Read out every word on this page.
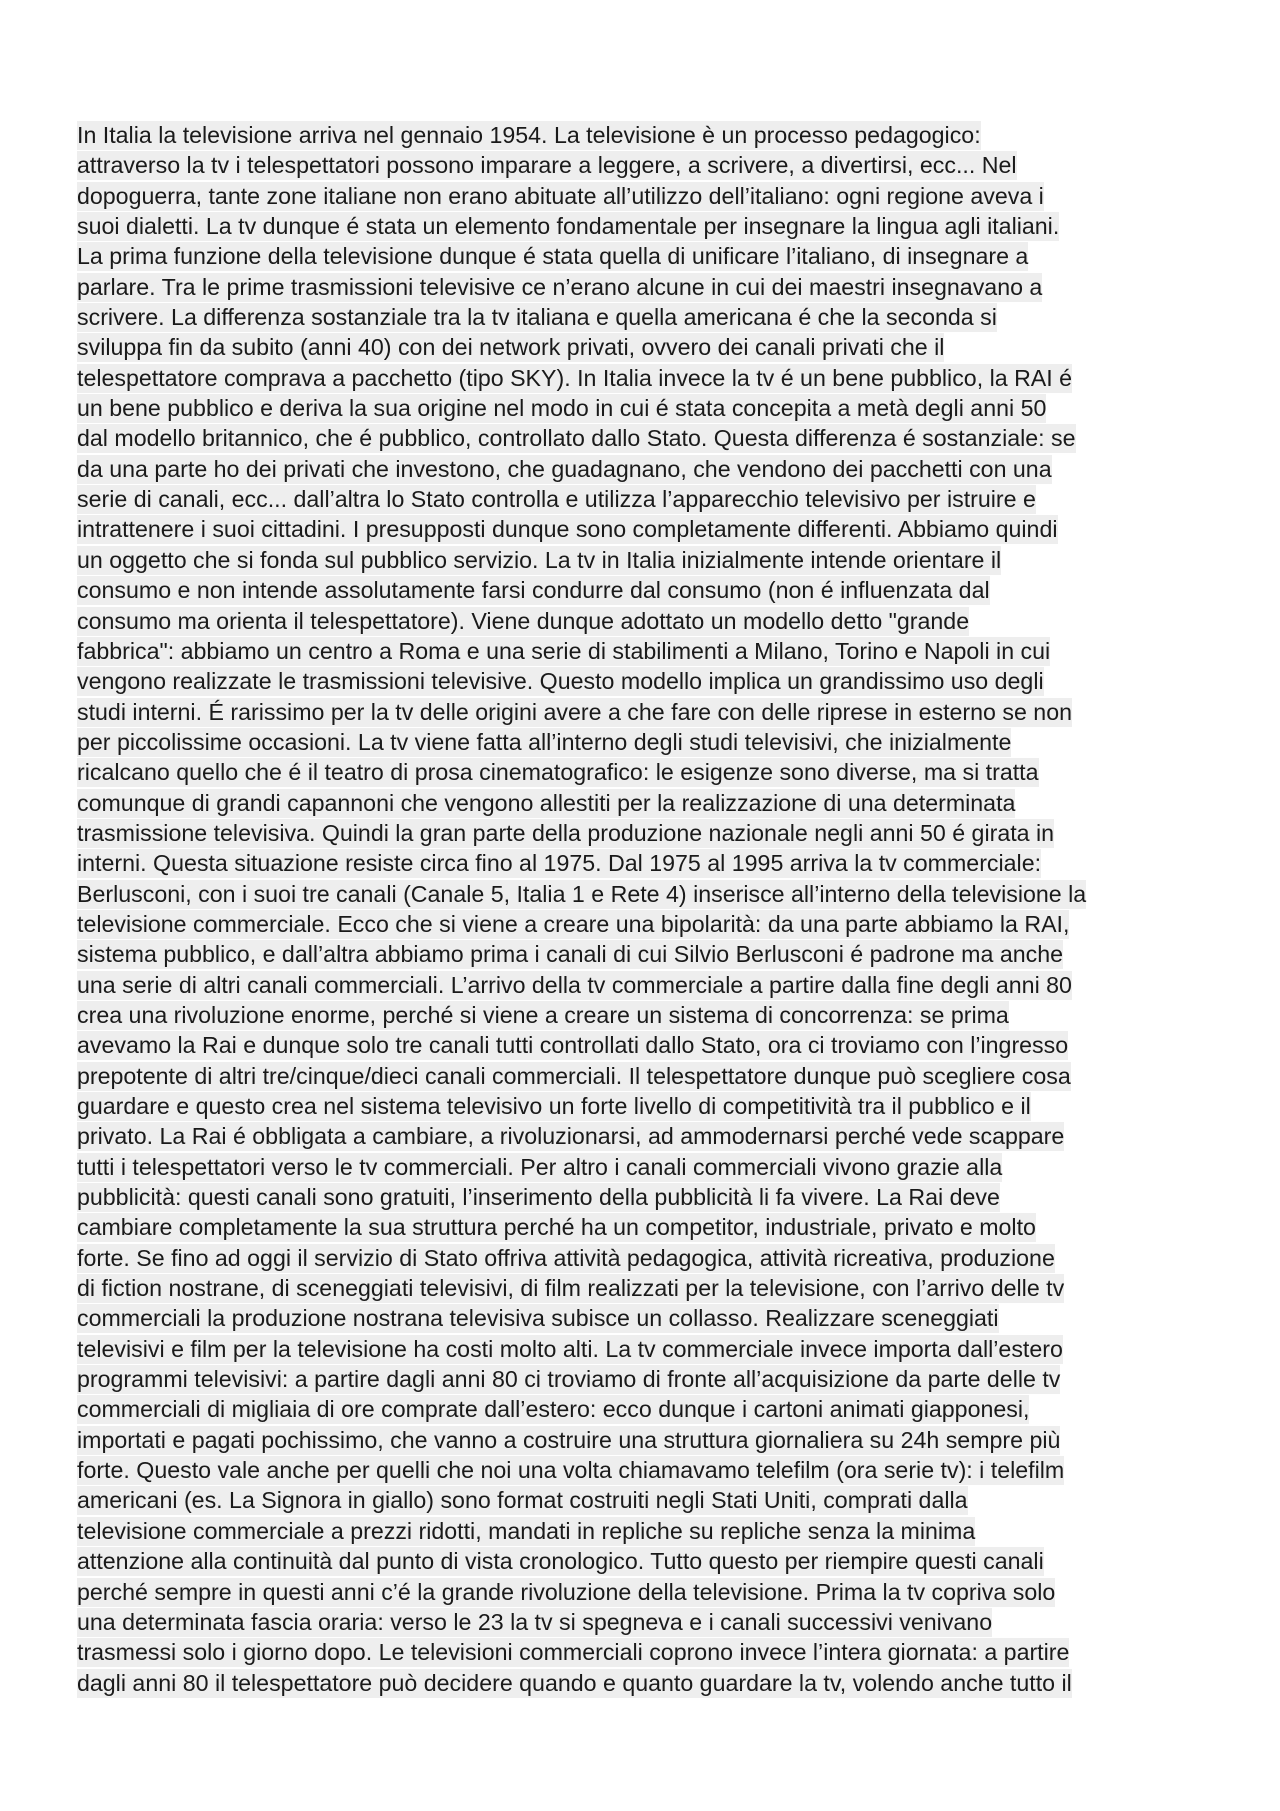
In Italia la televisione arriva nel gennaio 1954. La televisione è un processo pedagogico:
attraverso la tv i telespettatori possono imparare a leggere, a scrivere, a divertirsi, ecc... Nel
dopoguerra, tante zone italiane non erano abituate all’utilizzo dell’italiano: ogni regione aveva i
suoi dialetti. La tv dunque é stata un elemento fondamentale per insegnare la lingua agli italiani.
La prima funzione della televisione dunque é stata quella di unificare l’italiano, di insegnare a
parlare. Tra le prime trasmissioni televisive ce n’erano alcune in cui dei maestri insegnavano a
scrivere. La differenza sostanziale tra la tv italiana e quella americana é che la seconda si
sviluppa fin da subito (anni 40) con dei network privati, ovvero dei canali privati che il
telespettatore comprava a pacchetto (tipo SKY). In Italia invece la tv é un bene pubblico, la RAI é
un bene pubblico e deriva la sua origine nel modo in cui é stata concepita a metà degli anni 50
dal modello britannico, che é pubblico, controllato dallo Stato. Questa differenza é sostanziale: se
da una parte ho dei privati che investono, che guadagnano, che vendono dei pacchetti con una
serie di canali, ecc... dall’altra lo Stato controlla e utilizza l’apparecchio televisivo per istruire e
intrattenere i suoi cittadini. I presupposti dunque sono completamente differenti. Abbiamo quindi
un oggetto che si fonda sul pubblico servizio. La tv in Italia inizialmente intende orientare il
consumo e non intende assolutamente farsi condurre dal consumo (non é influenzata dal
consumo ma orienta il telespettatore). Viene dunque adottato un modello detto "grande
fabbrica": abbiamo un centro a Roma e una serie di stabilimenti a Milano, Torino e Napoli in cui
vengono realizzate le trasmissioni televisive. Questo modello implica un grandissimo uso degli
studi interni. É rarissimo per la tv delle origini avere a che fare con delle riprese in esterno se non
per piccolissime occasioni. La tv viene fatta all’interno degli studi televisivi, che inizialmente
ricalcano quello che é il teatro di prosa cinematografico: le esigenze sono diverse, ma si tratta
comunque di grandi capannoni che vengono allestiti per la realizzazione di una determinata
trasmissione televisiva. Quindi la gran parte della produzione nazionale negli anni 50 é girata in
interni. Questa situazione resiste circa fino al 1975. Dal 1975 al 1995 arriva la tv commerciale:
Berlusconi, con i suoi tre canali (Canale 5, Italia 1 e Rete 4) inserisce all’interno della televisione la
televisione commerciale. Ecco che si viene a creare una bipolarità: da una parte abbiamo la RAI,
sistema pubblico, e dall’altra abbiamo prima i canali di cui Silvio Berlusconi é padrone ma anche
una serie di altri canali commerciali. L’arrivo della tv commerciale a partire dalla fine degli anni 80
crea una rivoluzione enorme, perché si viene a creare un sistema di concorrenza: se prima
avevamo la Rai e dunque solo tre canali tutti controllati dallo Stato, ora ci troviamo con l’ingresso
prepotente di altri tre/cinque/dieci canali commerciali. Il telespettatore dunque può scegliere cosa
guardare e questo crea nel sistema televisivo un forte livello di competitività tra il pubblico e il
privato. La Rai é obbligata a cambiare, a rivoluzionarsi, ad ammodernarsi perché vede scappare
tutti i telespettatori verso le tv commerciali. Per altro i canali commerciali vivono grazie alla
pubblicità: questi canali sono gratuiti, l’inserimento della pubblicità li fa vivere. La Rai deve
cambiare completamente la sua struttura perché ha un competitor, industriale, privato e molto
forte. Se fino ad oggi il servizio di Stato offriva attività pedagogica, attività ricreativa, produzione
di fiction nostrane, di sceneggiati televisivi, di film realizzati per la televisione, con l’arrivo delle tv
commerciali la produzione nostrana televisiva subisce un collasso. Realizzare sceneggiati
televisivi e film per la televisione ha costi molto alti. La tv commerciale invece importa dall’estero
programmi televisivi: a partire dagli anni 80 ci troviamo di fronte all’acquisizione da parte delle tv
commerciali di migliaia di ore comprate dall’estero: ecco dunque i cartoni animati giapponesi,
importati e pagati pochissimo, che vanno a costruire una struttura giornaliera su 24h sempre più
forte. Questo vale anche per quelli che noi una volta chiamavamo telefilm (ora serie tv): i telefilm
americani (es. La Signora in giallo) sono format costruiti negli Stati Uniti, comprati dalla
televisione commerciale a prezzi ridotti, mandati in repliche su repliche senza la minima
attenzione alla continuità dal punto di vista cronologico. Tutto questo per riempire questi canali
perché sempre in questi anni c’é la grande rivoluzione della televisione. Prima la tv copriva solo
una determinata fascia oraria: verso le 23 la tv si spegneva e i canali successivi venivano
trasmessi solo i giorno dopo. Le televisioni commerciali coprono invece l’intera giornata: a partire
dagli anni 80 il telespettatore può decidere quando e quanto guardare la tv, volendo anche tutto il
